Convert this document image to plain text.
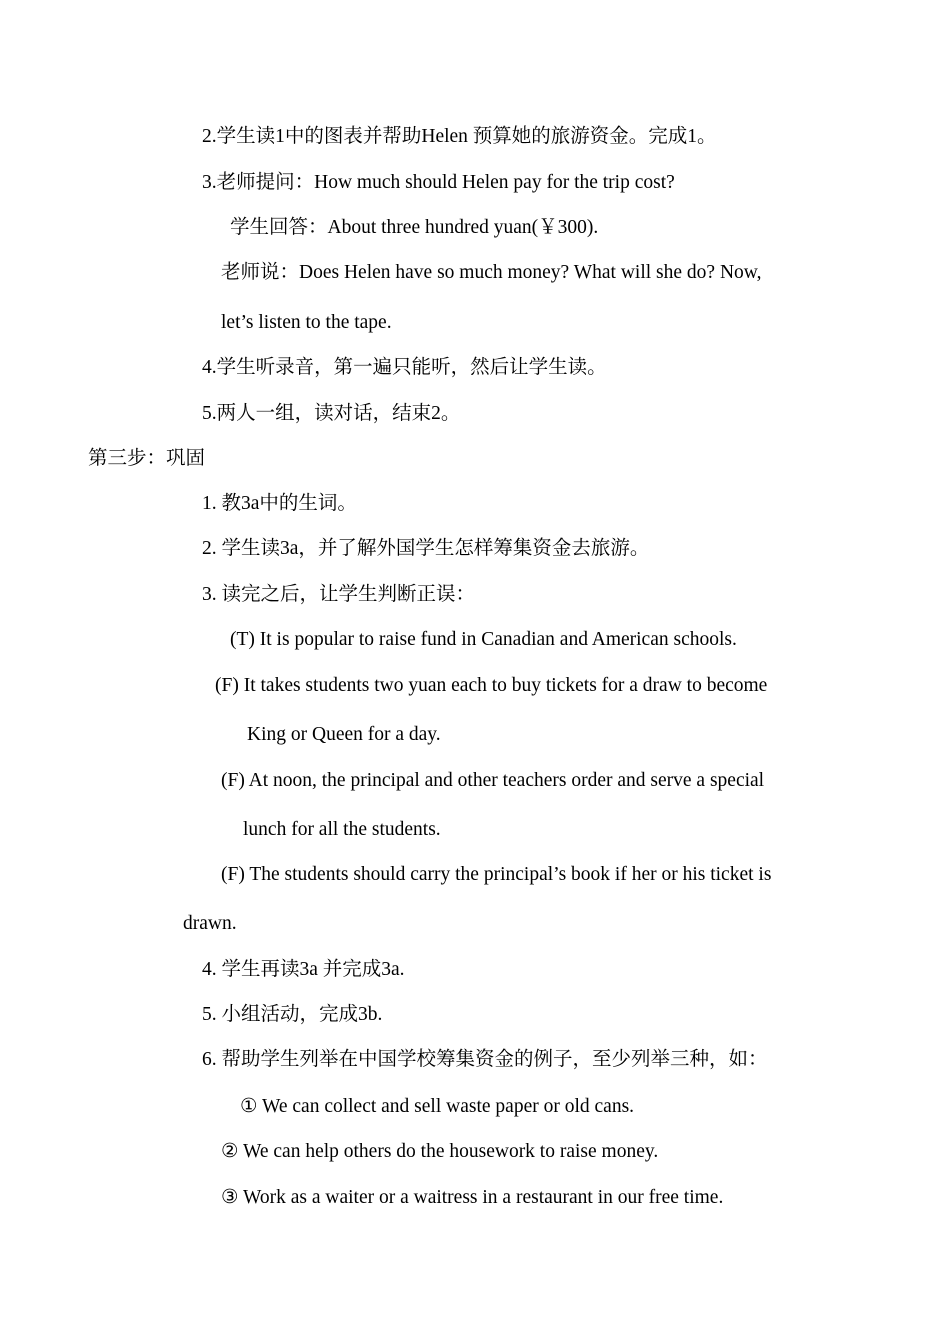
2.学生读1中的图表并帮助Helen 预算她的旅游资金。完成1。
3.老师提问：How much should Helen pay for the trip cost?
学生回答：About three hundred yuan(￥300).
老师说：Does Helen have so much money? What will she do? Now,
let’s listen to the tape.
4.学生听录音，第一遍只能听，然后让学生读。
5.两人一组，读对话，结束2。
第三步：巩固
1. 教3a中的生词。
2. 学生读3a，并了解外国学生怎样筹集资金去旅游。
3. 读完之后，让学生判断正误：
(T) It is popular to raise fund in Canadian and American schools.
(F) It takes students two yuan each to buy tickets for a draw to become
King or Queen for a day.
(F) At noon, the principal and other teachers order and serve a special
lunch for all the students.
(F) The students should carry the principal’s book if her or his ticket is
drawn.
4. 学生再读3a 并完成3a.
5. 小组活动，完成3b.
6. 帮助学生列举在中国学校筹集资金的例子，至少列举三种，如：
① We can collect and sell waste paper or old cans.
② We can help others do the housework to raise money.
③ Work as a waiter or a waitress in a restaurant in our free time.
